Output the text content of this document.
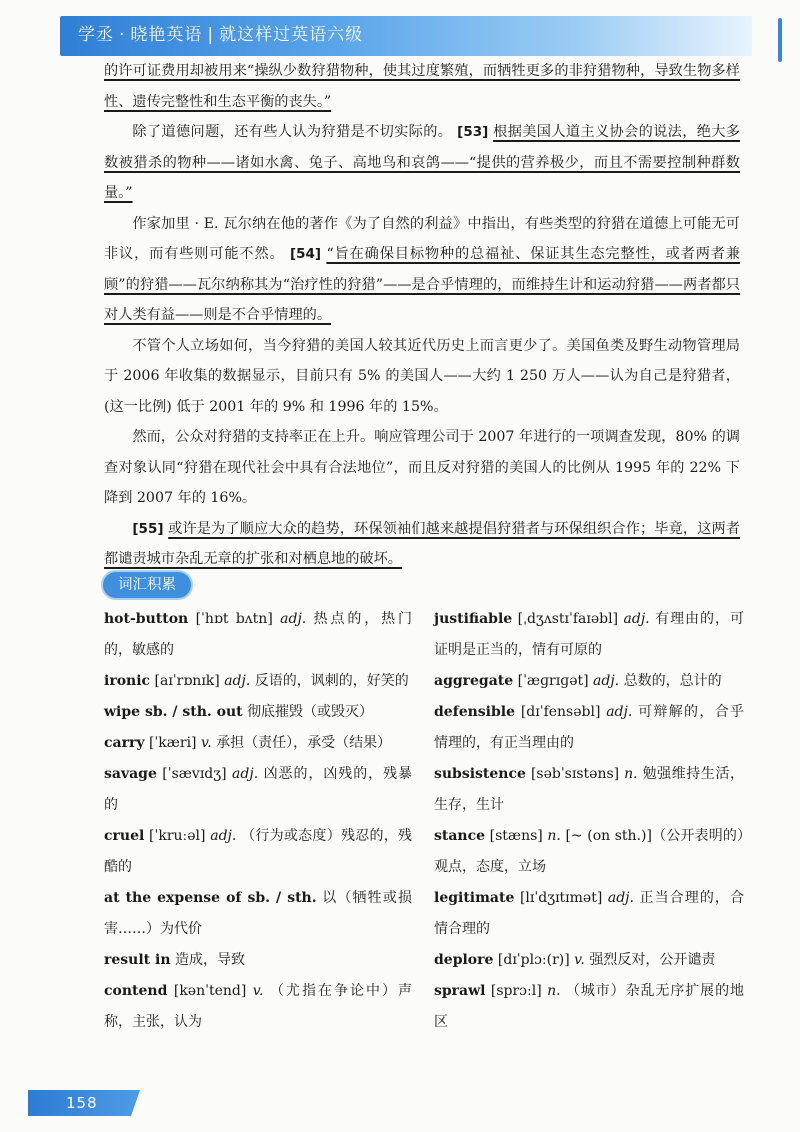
学丞 · 晓艳英语 | 就这样过英语六级

的许可证费用却被用来“操纵少数狩猎物种，使其过度繁殖，而牺牲更多的非狩猎物种，导致生物多样性、遗传完整性和生态平衡的丧失。”

除了道德问题，还有些人认为狩猎是不切实际的。 [53] 根据美国人道主义协会的说法，绝大多数被猎杀的物种——诸如水禽、兔子、高地鸟和哀鸽——“提供的营养极少，而且不需要控制种群数量。”

作家加里 · E. 瓦尔纳在他的著作《为了自然的利益》中指出，有些类型的狩猎在道德上可能无可非议，而有些则可能不然。 [54] “旨在确保目标物种的总福祉、保证其生态完整性，或者两者兼顾”的狩猎——瓦尔纳称其为“治疗性的狩猎”——是合乎情理的，而维持生计和运动狩猎——两者都只对人类有益——则是不合乎情理的。

不管个人立场如何，当今狩猎的美国人较其近代历史上而言更少了。美国鱼类及野生动物管理局于 2006 年收集的数据显示，目前只有 5% 的美国人——大约 1 250 万人——认为自己是狩猎者，(这一比例) 低于 2001 年的 9% 和 1996 年的 15%。

然而，公众对狩猎的支持率正在上升。响应管理公司于 2007 年进行的一项调查发现，80% 的调查对象认同“狩猎在现代社会中具有合法地位”，而且反对狩猎的美国人的比例从 1995 年的 22% 下降到 2007 年的 16%。

[55] 或许是为了顺应大众的趋势，环保领袖们越来越提倡狩猎者与环保组织合作；毕竟，这两者都谴责城市杂乱无章的扩张和对栖息地的破坏。

词汇积累
hot-button [ˈhɒt bʌtn] adj. 热点的，热门的，敏感的
ironic [aɪˈrɒnɪk] adj. 反语的，讽刺的，好笑的
wipe sb. / sth. out 彻底摧毁（或毁灭）
carry [ˈkæri] v. 承担（责任），承受（结果）
savage [ˈsævɪdʒ] adj. 凶恶的，凶残的，残暴的
cruel [ˈkruːəl] adj. （行为或态度）残忍的，残酷的
at the expense of sb. / sth. 以（牺牲或损害……）为代价
result in 造成，导致
contend [kənˈtend] v. （尤指在争论中）声称，主张，认为
justifiable [ˌdʒʌstɪˈfaɪəbl] adj. 有理由的，可证明是正当的，情有可原的
aggregate [ˈæɡrɪɡət] adj. 总数的，总计的
defensible [dɪˈfensəbl] adj. 可辩解的，合乎情理的，有正当理由的
subsistence [səbˈsɪstəns] n. 勉强维持生活，生存，生计
stance [stæns] n. [~ (on sth.)]（公开表明的）观点，态度，立场
legitimate [lɪˈdʒɪtɪmət] adj. 正当合理的，合情合理的
deplore [dɪˈplɔː(r)] v. 强烈反对，公开谴责
sprawl [sprɔːl] n. （城市）杂乱无序扩展的地区
158
